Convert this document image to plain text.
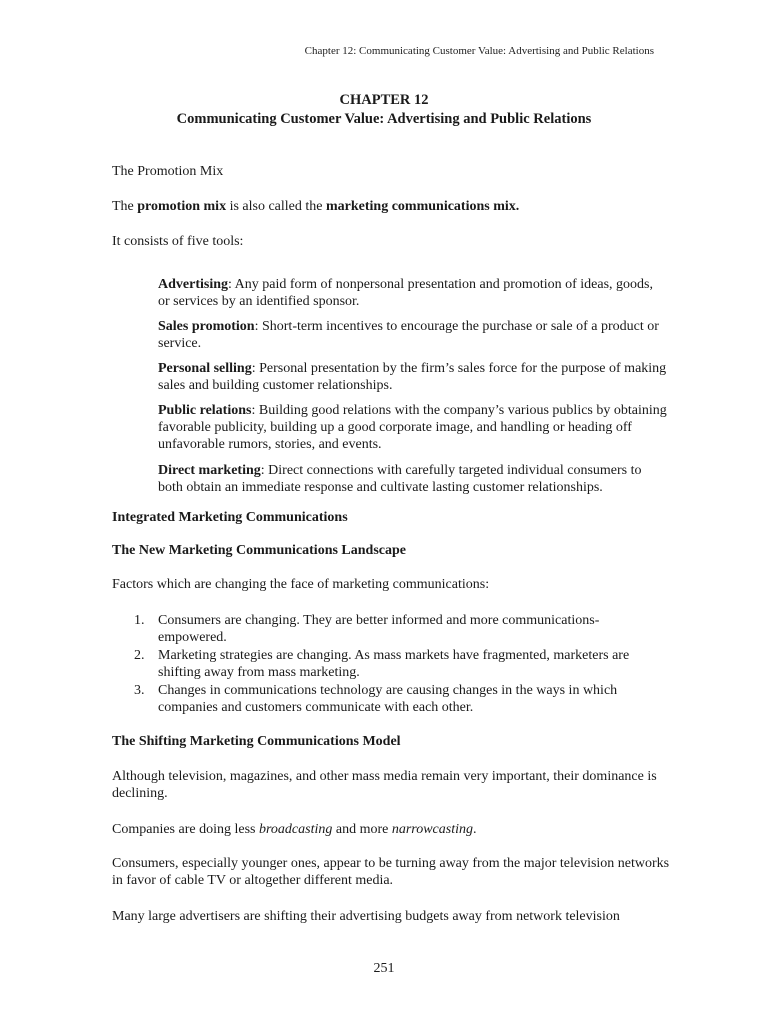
Chapter 12: Communicating Customer Value: Advertising and Public Relations
CHAPTER 12
Communicating Customer Value: Advertising and Public Relations
The Promotion Mix
The promotion mix is also called the marketing communications mix.
It consists of five tools:
Advertising: Any paid form of nonpersonal presentation and promotion of ideas, goods, or services by an identified sponsor.
Sales promotion: Short-term incentives to encourage the purchase or sale of a product or service.
Personal selling: Personal presentation by the firm’s sales force for the purpose of making sales and building customer relationships.
Public relations: Building good relations with the company’s various publics by obtaining favorable publicity, building up a good corporate image, and handling or heading off unfavorable rumors, stories, and events.
Direct marketing: Direct connections with carefully targeted individual consumers to both obtain an immediate response and cultivate lasting customer relationships.
Integrated Marketing Communications
The New Marketing Communications Landscape
Factors which are changing the face of marketing communications:
1. Consumers are changing. They are better informed and more communications-empowered.
2. Marketing strategies are changing. As mass markets have fragmented, marketers are shifting away from mass marketing.
3. Changes in communications technology are causing changes in the ways in which companies and customers communicate with each other.
The Shifting Marketing Communications Model
Although television, magazines, and other mass media remain very important, their dominance is declining.
Companies are doing less broadcasting and more narrowcasting.
Consumers, especially younger ones, appear to be turning away from the major television networks in favor of cable TV or altogether different media.
Many large advertisers are shifting their advertising budgets away from network television
251
